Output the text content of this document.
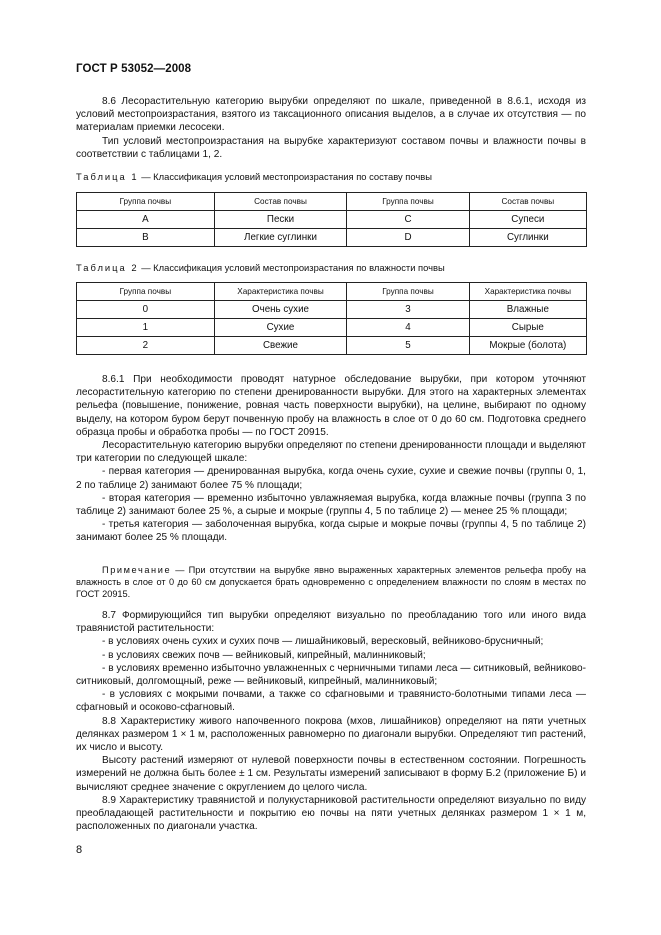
ГОСТ Р 53052—2008

8.6 Лесорастительную категорию вырубки определяют по шкале, приведенной в 8.6.1, исходя из условий местопроизрастания, взятого из таксационного описания выделов, а в случае их отсутствия — по материалам приемки лесосеки.

Тип условий местопроизрастания на вырубке характеризуют составом почвы и влажности почвы в соответствии с таблицами 1, 2.

Таблица 1 — Классификация условий местопроизрастания по составу почвы
Группа почвы	Состав почвы	Группа почвы	Состав почвы
А	Пески	С	Супеси
В	Легкие суглинки	D	Суглинки
Таблица 2 — Классификация условий местопроизрастания по влажности почвы
Группа почвы	Характеристика почвы	Группа почвы	Характеристика почвы
0	Очень сухие	3	Влажные
1	Сухие	4	Сырые
2	Свежие	5	Мокрые (болота)

8.6.1 При необходимости проводят натурное обследование вырубки, при котором уточняют лесорастительную категорию по степени дренированности вырубки. Для этого на характерных элементах рельефа (повышение, понижение, ровная часть поверхности вырубки), на целине, выбирают по одному выделу, на котором буром берут почвенную пробу на влажность в слое от 0 до 60 см. Подготовка среднего образца пробы и обработка пробы — по ГОСТ 20915.

Лесорастительную категорию вырубки определяют по степени дренированности площади и выделяют три категории по следующей шкале:

- первая категория — дренированная вырубка, когда очень сухие, сухие и свежие почвы (группы 0, 1, 2 по таблице 2) занимают более 75 % площади;

- вторая категория — временно избыточно увлажняемая вырубка, когда влажные почвы (группа 3 по таблице 2) занимают более 25 %, а сырые и мокрые (группы 4, 5 по таблице 2) — менее 25 % площади;

- третья категория — заболоченная вырубка, когда сырые и мокрые почвы (группы 4, 5 по таблице 2) занимают более 25 % площади.

Примечание — При отсутствии на вырубке явно выраженных характерных элементов рельефа пробу на влажность в слое от 0 до 60 см допускается брать одновременно с определением влажности по слоям в местах по ГОСТ 20915.

8.7 Формирующийся тип вырубки определяют визуально по преобладанию того или иного вида травянистой растительности:

- в условиях очень сухих и сухих почв — лишайниковый, вересковый, вейниково-брусничный;

- в условиях свежих почв — вейниковый, кипрейный, малинниковый;

- в условиях временно избыточно увлажненных с черничными типами леса — ситниковый, вейниково-ситниковый, долгомощный, реже — вейниковый, кипрейный, малинниковый;

- в условиях с мокрыми почвами, а также со сфагновыми и травянисто-болотными типами леса — сфагновый и осоково-сфагновый.

8.8 Характеристику живого напочвенного покрова (мхов, лишайников) определяют на пяти учетных делянках размером 1 × 1 м, расположенных равномерно по диагонали вырубки. Определяют тип растений, их число и высоту.

Высоту растений измеряют от нулевой поверхности почвы в естественном состоянии. Погрешность измерений не должна быть более ± 1 см. Результаты измерений записывают в форму Б.2 (приложение Б) и вычисляют среднее значение с округлением до целого числа.

8.9 Характеристику травянистой и полукустарниковой растительности определяют визуально по виду преобладающей растительности и покрытию ею почвы на пяти учетных делянках размером 1 × 1 м, расположенных по диагонали участка.

8
